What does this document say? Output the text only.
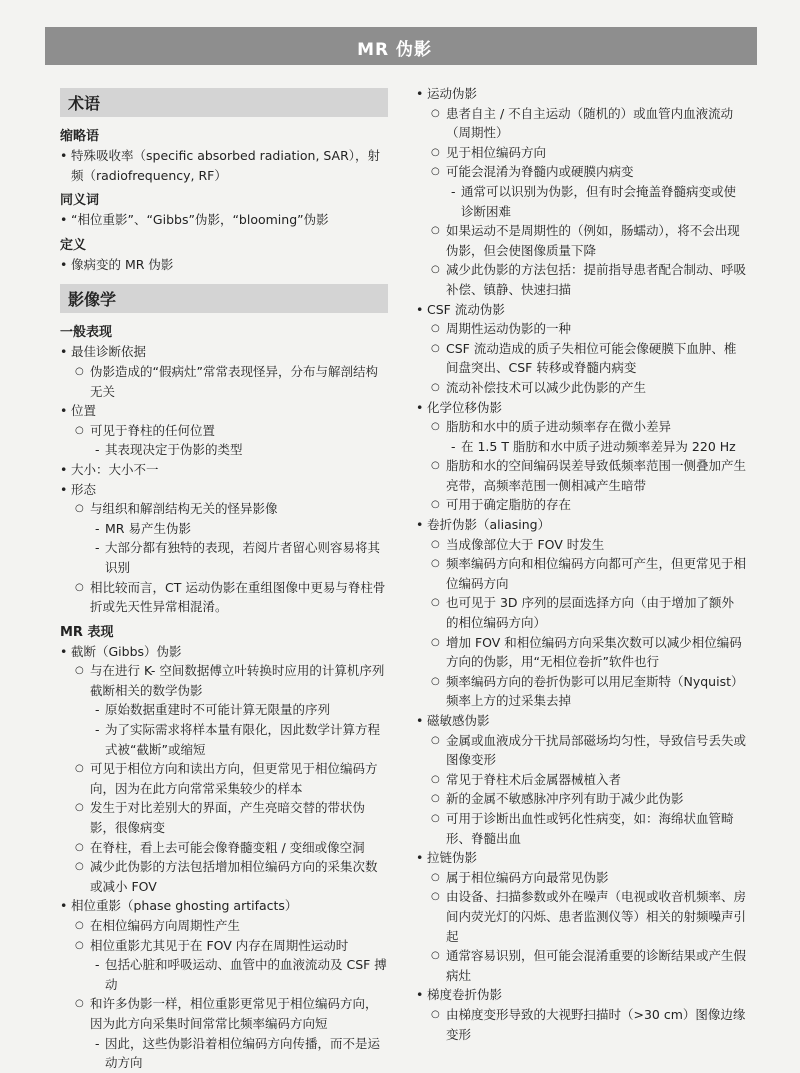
MR 伪影
术语
缩略语
• 特殊吸收率（specific absorbed radiation, SAR），射频（radiofrequency, RF）
同义词
• “相位重影”、“Gibbs”伪影，“blooming”伪影
定义
• 像病变的 MR 伪影
影像学
一般表现
• 最佳诊断依据
○ 伪影造成的“假病灶”常常表现怪异，分布与解剖结构无关
• 位置
○ 可见于脊柱的任何位置
- 其表现决定于伪影的类型
• 大小：大小不一
• 形态
○ 与组织和解剖结构无关的怪异影像
- MR 易产生伪影
- 大部分都有独特的表现，若阅片者留心则容易将其识别
○ 相比较而言，CT 运动伪影在重组图像中更易与脊柱骨折或先天性异常相混淆。
MR 表现
• 截断（Gibbs）伪影
○ 与在进行 K- 空间数据傅立叶转换时应用的计算机序列截断相关的数学伪影
- 原始数据重建时不可能计算无限量的序列
- 为了实际需求将样本量有限化，因此数学计算方程式被“截断”或缩短
○ 可见于相位方向和读出方向，但更常见于相位编码方向，因为在此方向常常采集较少的样本
○ 发生于对比差别大的界面，产生亮暗交替的带状伪影，很像病变
○ 在脊柱，看上去可能会像脊髓变粗 / 变细或像空洞
○ 减少此伪影的方法包括增加相位编码方向的采集次数或减小 FOV
• 相位重影（phase ghosting artifacts）
○ 在相位编码方向周期性产生
○ 相位重影尤其见于在 FOV 内存在周期性运动时
- 包括心脏和呼吸运动、血管中的血液流动及 CSF 搏动
○ 和许多伪影一样，相位重影更常见于相位编码方向，因为此方向采集时间常常比频率编码方向短
- 因此，这些伪影沿着相位编码方向传播，而不是运动方向
• 运动伪影
○ 患者自主 / 不自主运动（随机的）或血管内血液流动（周期性）
○ 见于相位编码方向
○ 可能会混淆为脊髓内或硬膜内病变
- 通常可以识别为伪影，但有时会掩盖脊髓病变或使诊断困难
○ 如果运动不是周期性的（例如，肠蠕动），将不会出现伪影，但会使图像质量下降
○ 减少此伪影的方法包括：提前指导患者配合制动、呼吸补偿、镇静、快速扫描
• CSF 流动伪影
○ 周期性运动伪影的一种
○ CSF 流动造成的质子失相位可能会像硬膜下血肿、椎间盘突出、CSF 转移或脊髓内病变
○ 流动补偿技术可以减少此伪影的产生
• 化学位移伪影
○ 脂肪和水中的质子进动频率存在微小差异
- 在 1.5 T 脂肪和水中质子进动频率差异为 220 Hz
○ 脂肪和水的空间编码误差导致低频率范围一侧叠加产生亮带，高频率范围一侧相减产生暗带
○ 可用于确定脂肪的存在
• 卷折伪影（aliasing）
○ 当成像部位大于 FOV 时发生
○ 频率编码方向和相位编码方向都可产生，但更常见于相位编码方向
○ 也可见于 3D 序列的层面选择方向（由于增加了额外的相位编码方向）
○ 增加 FOV 和相位编码方向采集次数可以减少相位编码方向的伪影，用“无相位卷折”软件也行
○ 频率编码方向的卷折伪影可以用尼奎斯特（Nyquist）频率上方的过采集去掉
• 磁敏感伪影
○ 金属或血液成分干扰局部磁场均匀性，导致信号丢失或图像变形
○ 常见于脊柱术后金属器械植入者
○ 新的金属不敏感脉冲序列有助于减少此伪影
○ 可用于诊断出血性或钙化性病变，如：海绵状血管畸形、脊髓出血
• 拉链伪影
○ 属于相位编码方向最常见伪影
○ 由设备、扫描参数或外在噪声（电视或收音机频率、房间内荧光灯的闪烁、患者监测仪等）相关的射频噪声引起
○ 通常容易识别，但可能会混淆重要的诊断结果或产生假病灶
• 梯度卷折伪影
○ 由梯度变形导致的大视野扫描时（>30 cm）图像边缘变形
